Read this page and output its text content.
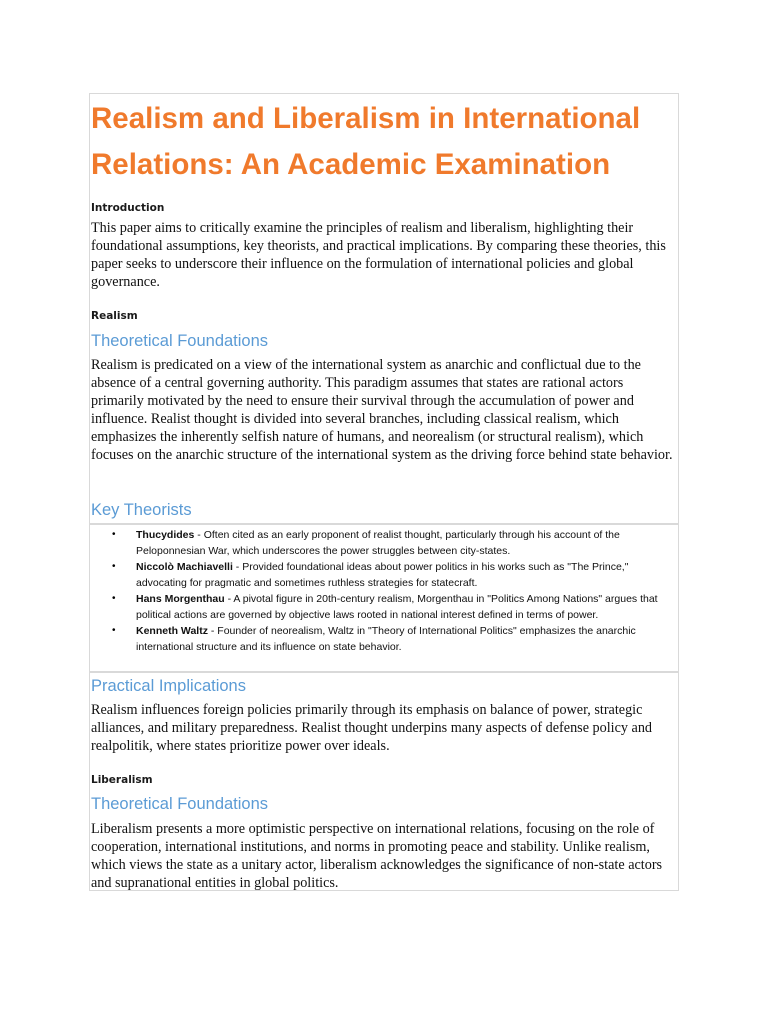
Realism and Liberalism in International Relations: An Academic Examination
Introduction

This paper aims to critically examine the principles of realism and liberalism, highlighting their foundational assumptions, key theorists, and practical implications. By comparing these theories, this paper seeks to underscore their influence on the formulation of international policies and global governance.

Realism
Theoretical Foundations

Realism is predicated on a view of the international system as anarchic and conflictual due to the absence of a central governing authority. This paradigm assumes that states are rational actors primarily motivated by the need to ensure their survival through the accumulation of power and influence. Realist thought is divided into several branches, including classical realism, which emphasizes the inherently selfish nature of humans, and neorealism (or structural realism), which focuses on the anarchic structure of the international system as the driving force behind state behavior.

Key Theorists
• Thucydides - Often cited as an early proponent of realist thought, particularly through his account of the Peloponnesian War, which underscores the power struggles between city-states.
• Niccolò Machiavelli - Provided foundational ideas about power politics in his works such as "The Prince," advocating for pragmatic and sometimes ruthless strategies for statecraft.
• Hans Morgenthau - A pivotal figure in 20th-century realism, Morgenthau in "Politics Among Nations" argues that political actions are governed by objective laws rooted in national interest defined in terms of power.
• Kenneth Waltz - Founder of neorealism, Waltz in "Theory of International Politics" emphasizes the anarchic international structure and its influence on state behavior.
Practical Implications

Realism influences foreign policies primarily through its emphasis on balance of power, strategic alliances, and military preparedness. Realist thought underpins many aspects of defense policy and realpolitik, where states prioritize power over ideals.

Liberalism
Theoretical Foundations

Liberalism presents a more optimistic perspective on international relations, focusing on the role of cooperation, international institutions, and norms in promoting peace and stability. Unlike realism, which views the state as a unitary actor, liberalism acknowledges the significance of non-state actors and supranational entities in global politics.
